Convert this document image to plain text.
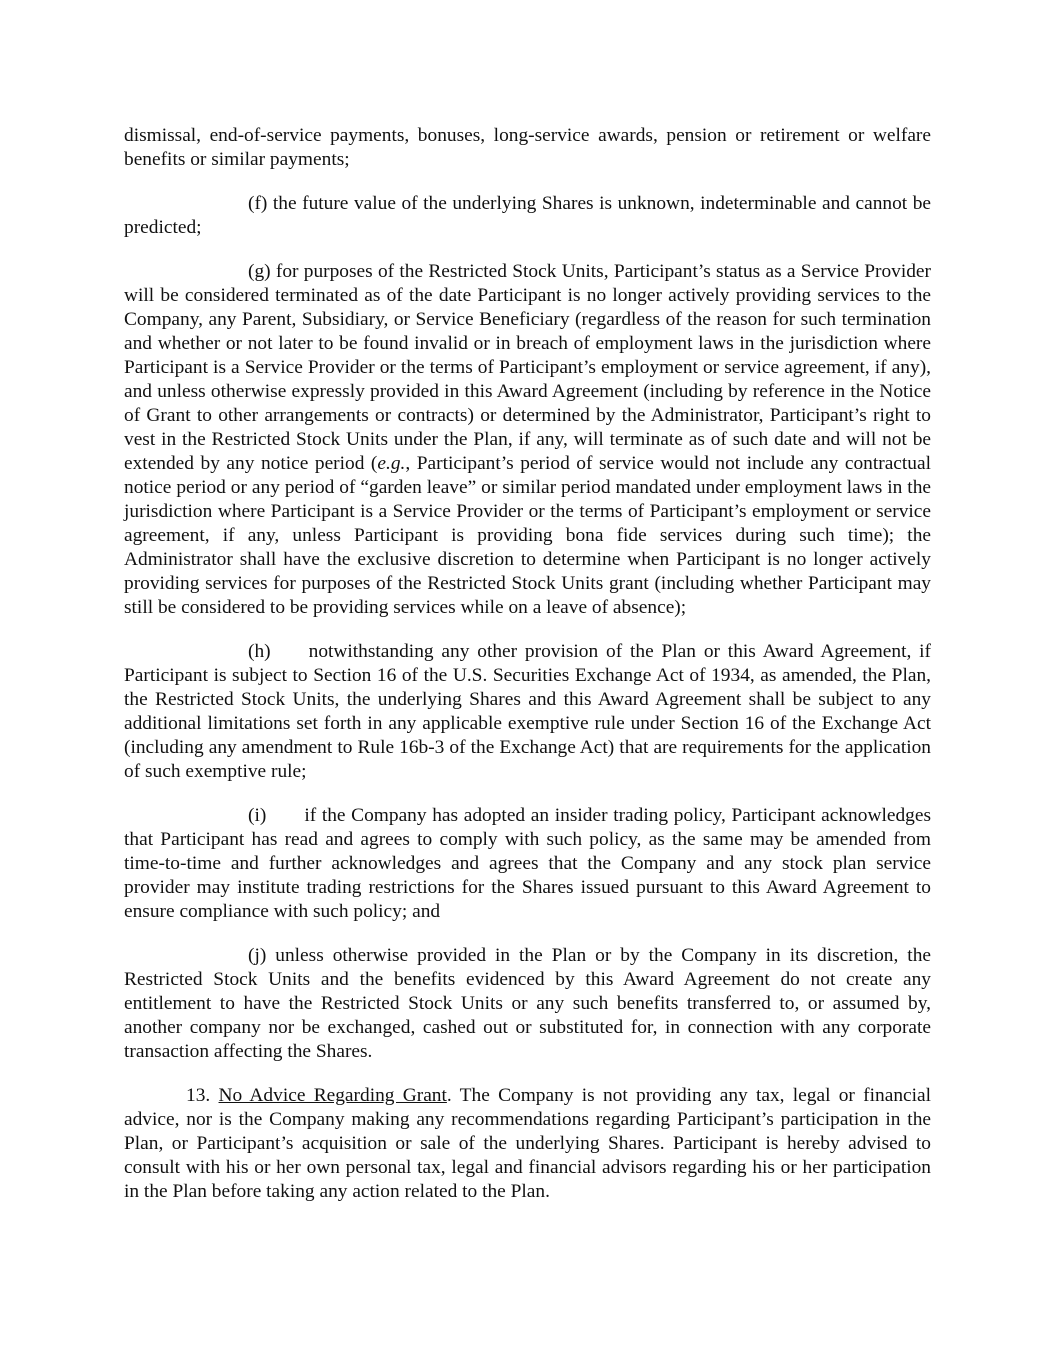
dismissal, end-of-service payments, bonuses, long-service awards, pension or retirement or welfare benefits or similar payments;

(f) the future value of the underlying Shares is unknown, indeterminable and cannot be predicted;

(g) for purposes of the Restricted Stock Units, Participant’s status as a Service Provider will be considered terminated as of the date Participant is no longer actively providing services to the Company, any Parent, Subsidiary, or Service Beneficiary (regardless of the reason for such termination and whether or not later to be found invalid or in breach of employment laws in the jurisdiction where Participant is a Service Provider or the terms of Participant’s employment or service agreement, if any), and unless otherwise expressly provided in this Award Agreement (including by reference in the Notice of Grant to other arrangements or contracts) or determined by the Administrator, Participant’s right to vest in the Restricted Stock Units under the Plan, if any, will terminate as of such date and will not be extended by any notice period (e.g., Participant’s period of service would not include any contractual notice period or any period of “garden leave” or similar period mandated under employment laws in the jurisdiction where Participant is a Service Provider or the terms of Participant’s employment or service agreement, if any, unless Participant is providing bona fide services during such time); the Administrator shall have the exclusive discretion to determine when Participant is no longer actively providing services for purposes of the Restricted Stock Units grant (including whether Participant may still be considered to be providing services while on a leave of absence);

(h) notwithstanding any other provision of the Plan or this Award Agreement, if Participant is subject to Section 16 of the U.S. Securities Exchange Act of 1934, as amended, the Plan, the Restricted Stock Units, the underlying Shares and this Award Agreement shall be subject to any additional limitations set forth in any applicable exemptive rule under Section 16 of the Exchange Act (including any amendment to Rule 16b-3 of the Exchange Act) that are requirements for the application of such exemptive rule;

(i) if the Company has adopted an insider trading policy, Participant acknowledges that Participant has read and agrees to comply with such policy, as the same may be amended from time-to-time and further acknowledges and agrees that the Company and any stock plan service provider may institute trading restrictions for the Shares issued pursuant to this Award Agreement to ensure compliance with such policy; and

(j) unless otherwise provided in the Plan or by the Company in its discretion, the Restricted Stock Units and the benefits evidenced by this Award Agreement do not create any entitlement to have the Restricted Stock Units or any such benefits transferred to, or assumed by, another company nor be exchanged, cashed out or substituted for, in connection with any corporate transaction affecting the Shares.

13. No Advice Regarding Grant. The Company is not providing any tax, legal or financial advice, nor is the Company making any recommendations regarding Participant’s participation in the Plan, or Participant’s acquisition or sale of the underlying Shares. Participant is hereby advised to consult with his or her own personal tax, legal and financial advisors regarding his or her participation in the Plan before taking any action related to the Plan.
